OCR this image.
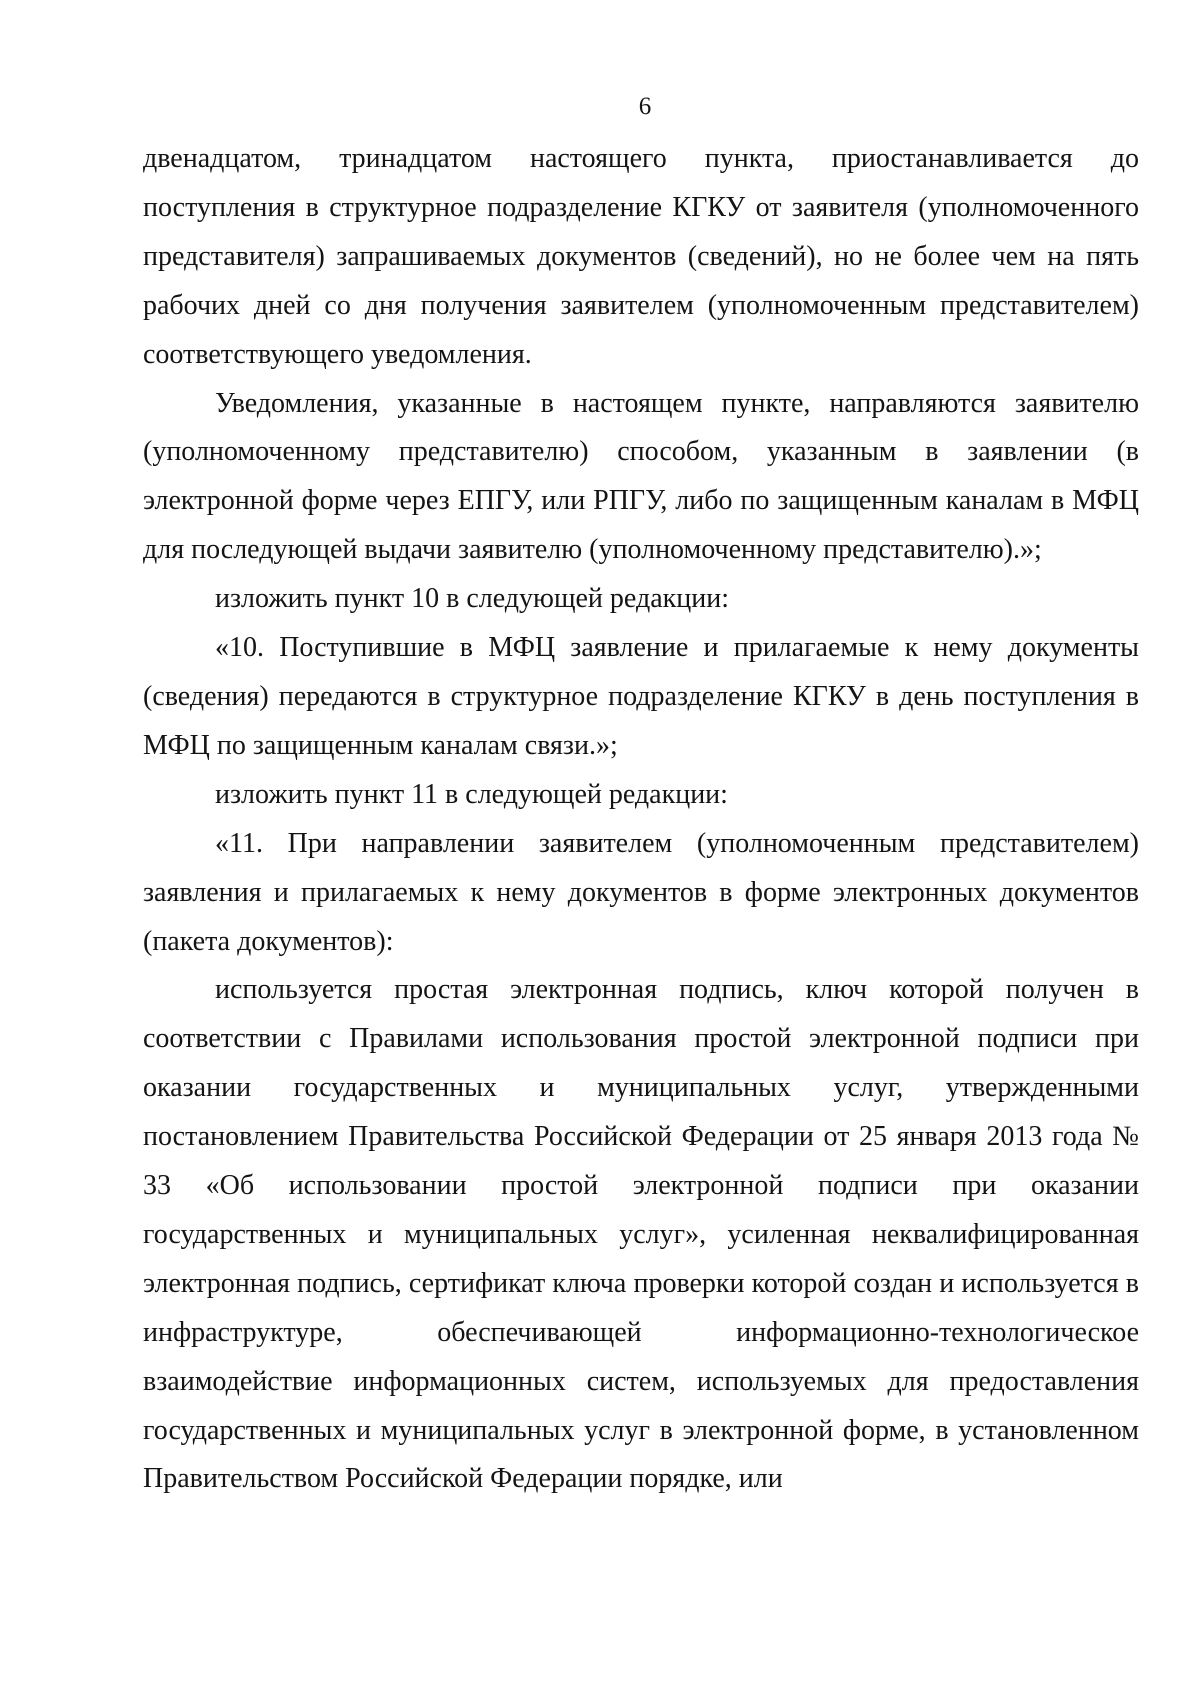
6

двенадцатом, тринадцатом настоящего пункта, приостанавливается до поступления в структурное подразделение КГКУ от заявителя (уполномоченного представителя) запрашиваемых документов (сведений), но не более чем на пять рабочих дней со дня получения заявителем (уполномоченным представителем) соответствующего уведомления.

Уведомления, указанные в настоящем пункте, направляются заявителю (уполномоченному представителю) способом, указанным в заявлении (в электронной форме через ЕПГУ, или РПГУ, либо по защищенным каналам в МФЦ для последующей выдачи заявителю (уполномоченному представителю).»;

изложить пункт 10 в следующей редакции:

«10. Поступившие в МФЦ заявление и прилагаемые к нему документы (сведения) передаются в структурное подразделение КГКУ в день поступления в МФЦ по защищенным каналам связи.»;

изложить пункт 11 в следующей редакции:

«11. При направлении заявителем (уполномоченным представителем) заявления и прилагаемых к нему документов в форме электронных документов (пакета документов):

используется простая электронная подпись, ключ которой получен в соответствии с Правилами использования простой электронной подписи при оказании государственных и муниципальных услуг, утвержденными постановлением Правительства Российской Федерации от 25 января 2013 года № 33 «Об использовании простой электронной подписи при оказании государственных и муниципальных услуг», усиленная неквалифицированная электронная подпись, сертификат ключа проверки которой создан и используется в инфраструктуре, обеспечивающей информационно-технологическое взаимодействие информационных систем, используемых для предоставления государственных и муниципальных услуг в электронной форме, в установленном Правительством Российской Федерации порядке, или
